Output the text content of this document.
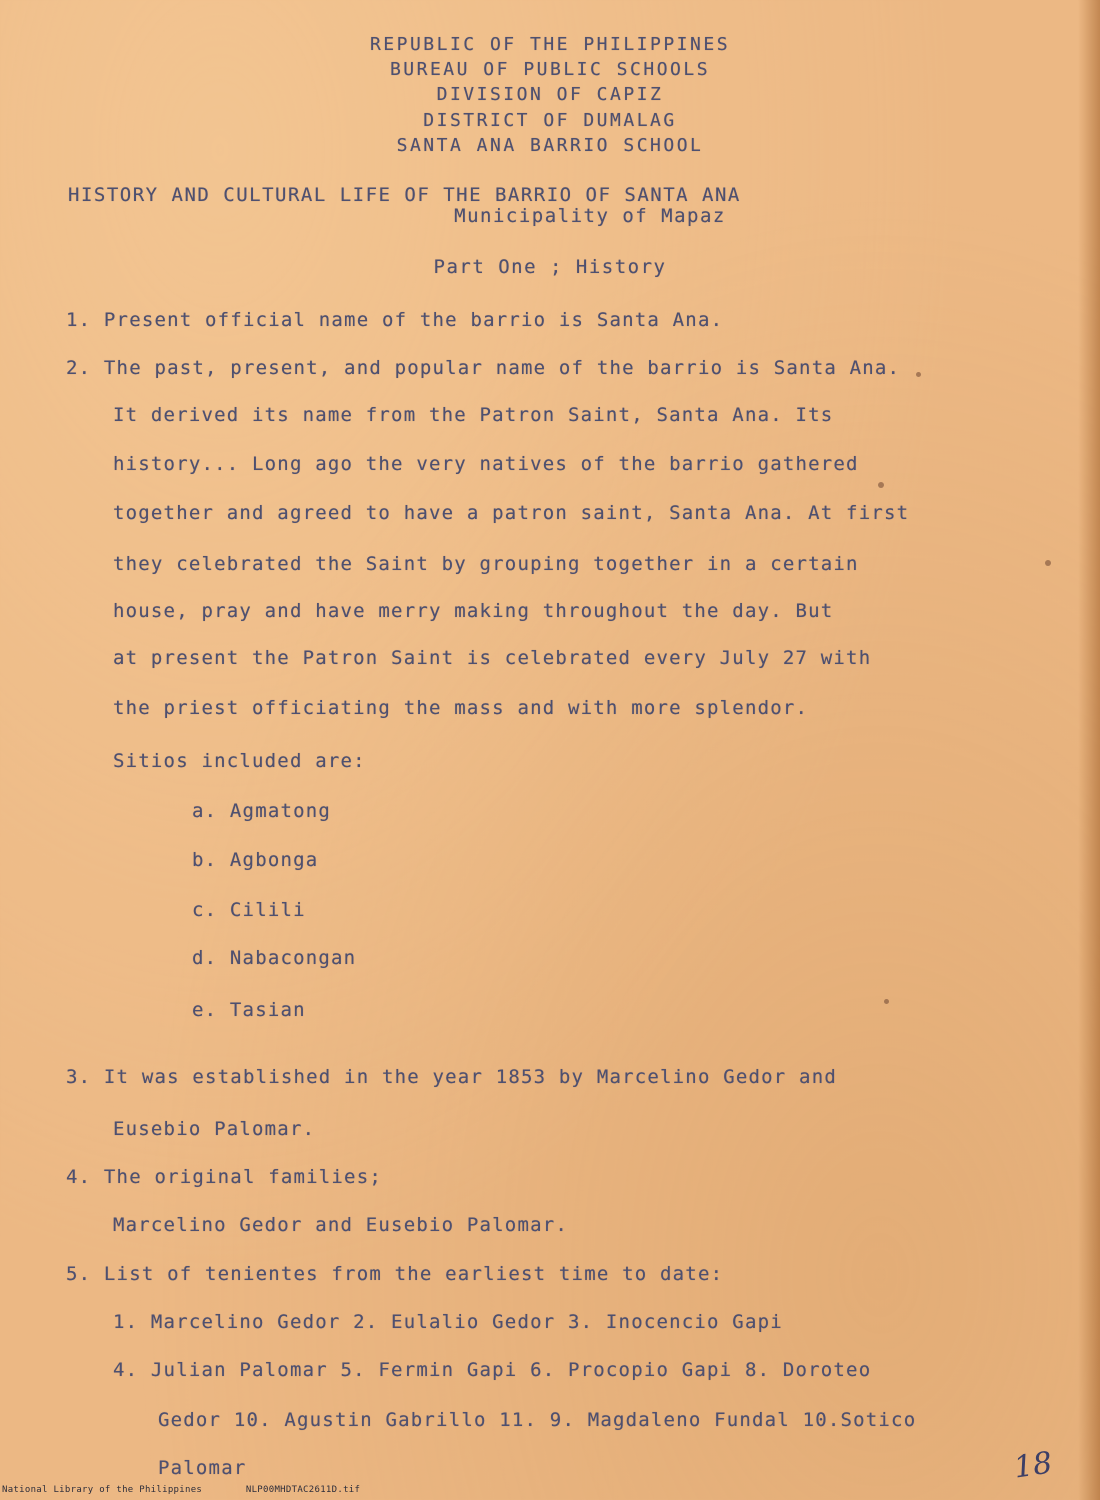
REPUBLIC OF THE PHILIPPINES
BUREAU OF PUBLIC SCHOOLS
DIVISION OF CAPIZ
DISTRICT OF DUMALAG
SANTA ANA BARRIO SCHOOL
HISTORY AND CULTURAL LIFE OF THE BARRIO OF SANTA ANA
Municipality of Mapaz
Part One ; History
1. Present official name of the barrio is Santa Ana.
2. The past, present, and popular name of the barrio is Santa Ana.
It derived its name from the Patron Saint, Santa Ana. Its
history... Long ago the very natives of the barrio gathered
together and agreed to have a patron saint, Santa Ana. At first
they celebrated the Saint by grouping together in a certain
house, pray and have merry making throughout the day. But
at present the Patron Saint is celebrated every July 27 with
the priest officiating the mass and with more splendor.
Sitios included are:
a. Agmatong
b. Agbonga
c. Cilili
d. Nabacongan
e. Tasian
3. It was established in the year 1853 by Marcelino Gedor and
Eusebio Palomar.
4. The original families;
Marcelino Gedor and Eusebio Palomar.
5. List of tenientes from the earliest time to date:
1. Marcelino Gedor 2. Eulalio Gedor 3. Inocencio Gapi
4. Julian Palomar 5. Fermin Gapi 6. Procopio Gapi 8. Doroteo
Gedor 10. Agustin Gabrillo 11. 9. Magdaleno Fundal 10.Sotico
Palomar	18
National Library of the Philippines	NLP00MHDTAC2611D.tif
